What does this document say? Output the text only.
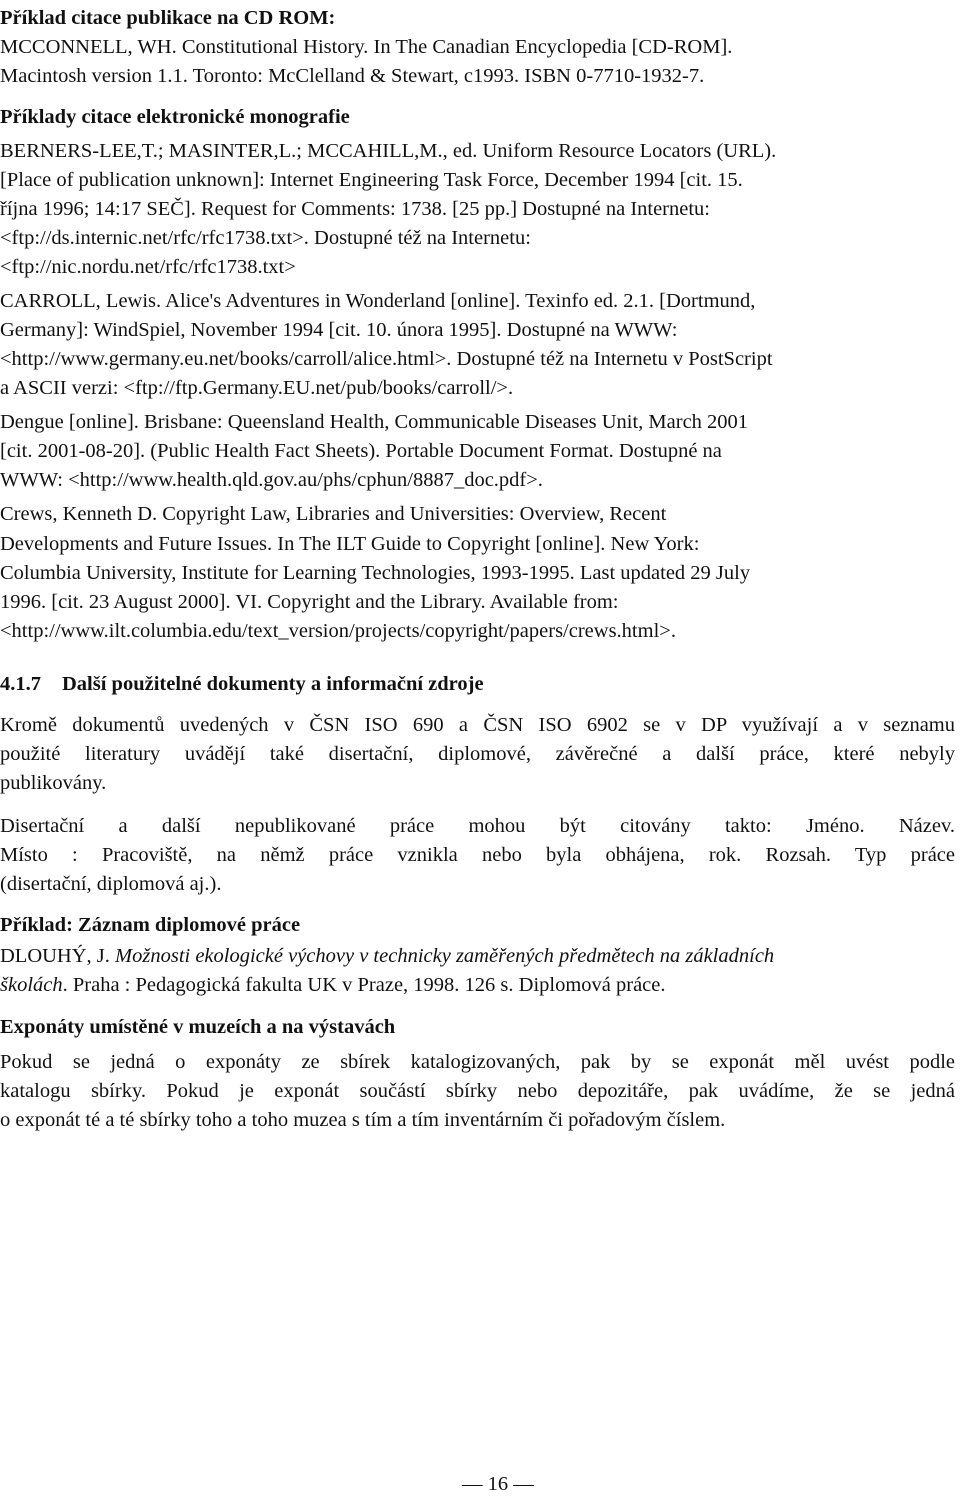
Příklad citace publikace na CD ROM:
MCCONNELL, WH. Constitutional History. In The Canadian Encyclopedia [CD-ROM].
Macintosh version 1.1. Toronto: McClelland & Stewart, c1993. ISBN 0-7710-1932-7.
Příklady citace elektronické monografie
BERNERS-LEE,T.; MASINTER,L.; MCCAHILL,M., ed. Uniform Resource Locators (URL).
[Place of publication unknown]: Internet Engineering Task Force, December 1994 [cit. 15.
října 1996; 14:17 SEČ]. Request for Comments: 1738. [25 pp.] Dostupné na Internetu:
<ftp://ds.internic.net/rfc/rfc1738.txt>. Dostupné též na Internetu:
<ftp://nic.nordu.net/rfc/rfc1738.txt>
CARROLL, Lewis. Alice's Adventures in Wonderland [online]. Texinfo ed. 2.1. [Dortmund,
Germany]: WindSpiel, November 1994 [cit. 10. února 1995]. Dostupné na WWW:
<http://www.germany.eu.net/books/carroll/alice.html>. Dostupné též na Internetu v PostScript
a ASCII verzi: <ftp://ftp.Germany.EU.net/pub/books/carroll/>.
Dengue [online]. Brisbane: Queensland Health, Communicable Diseases Unit, March 2001
[cit. 2001-08-20]. (Public Health Fact Sheets). Portable Document Format. Dostupné na
WWW: <http://www.health.qld.gov.au/phs/cphun/8887_doc.pdf>.
Crews, Kenneth D. Copyright Law, Libraries and Universities: Overview, Recent
Developments and Future Issues. In The ILT Guide to Copyright [online]. New York:
Columbia University, Institute for Learning Technologies, 1993-1995. Last updated 29 July
1996. [cit. 23 August 2000]. VI. Copyright and the Library. Available from:
<http://www.ilt.columbia.edu/text_version/projects/copyright/papers/crews.html>.
4.1.7 Další použitelné dokumenty a informační zdroje
Kromě dokumentů uvedených v ČSN ISO 690 a ČSN ISO 6902 se v DP využívají a v seznamu
použité literatury uvádějí také disertační, diplomové, závěrečné a další práce, které nebyly
publikovány.
Disertační a další nepublikované práce mohou být citovány takto: Jméno. Název.
Místo : Pracoviště, na němž práce vznikla nebo byla obhájena, rok. Rozsah. Typ práce
(disertační, diplomová aj.).
Příklad: Záznam diplomové práce
DLOUHÝ, J. Možnosti ekologické výchovy v technicky zaměřených předmětech na základních
školách. Praha : Pedagogická fakulta UK v Praze, 1998. 126 s. Diplomová práce.
Exponáty umístěné v muzeích a na výstavách
Pokud se jedná o exponáty ze sbírek katalogizovaných, pak by se exponát měl uvést podle
katalogu sbírky. Pokud je exponát součástí sbírky nebo depozitáře, pak uvádíme, že se jedná
o exponát té a té sbírky toho a toho muzea s tím a tím inventárním či pořadovým číslem.
— 16 —
